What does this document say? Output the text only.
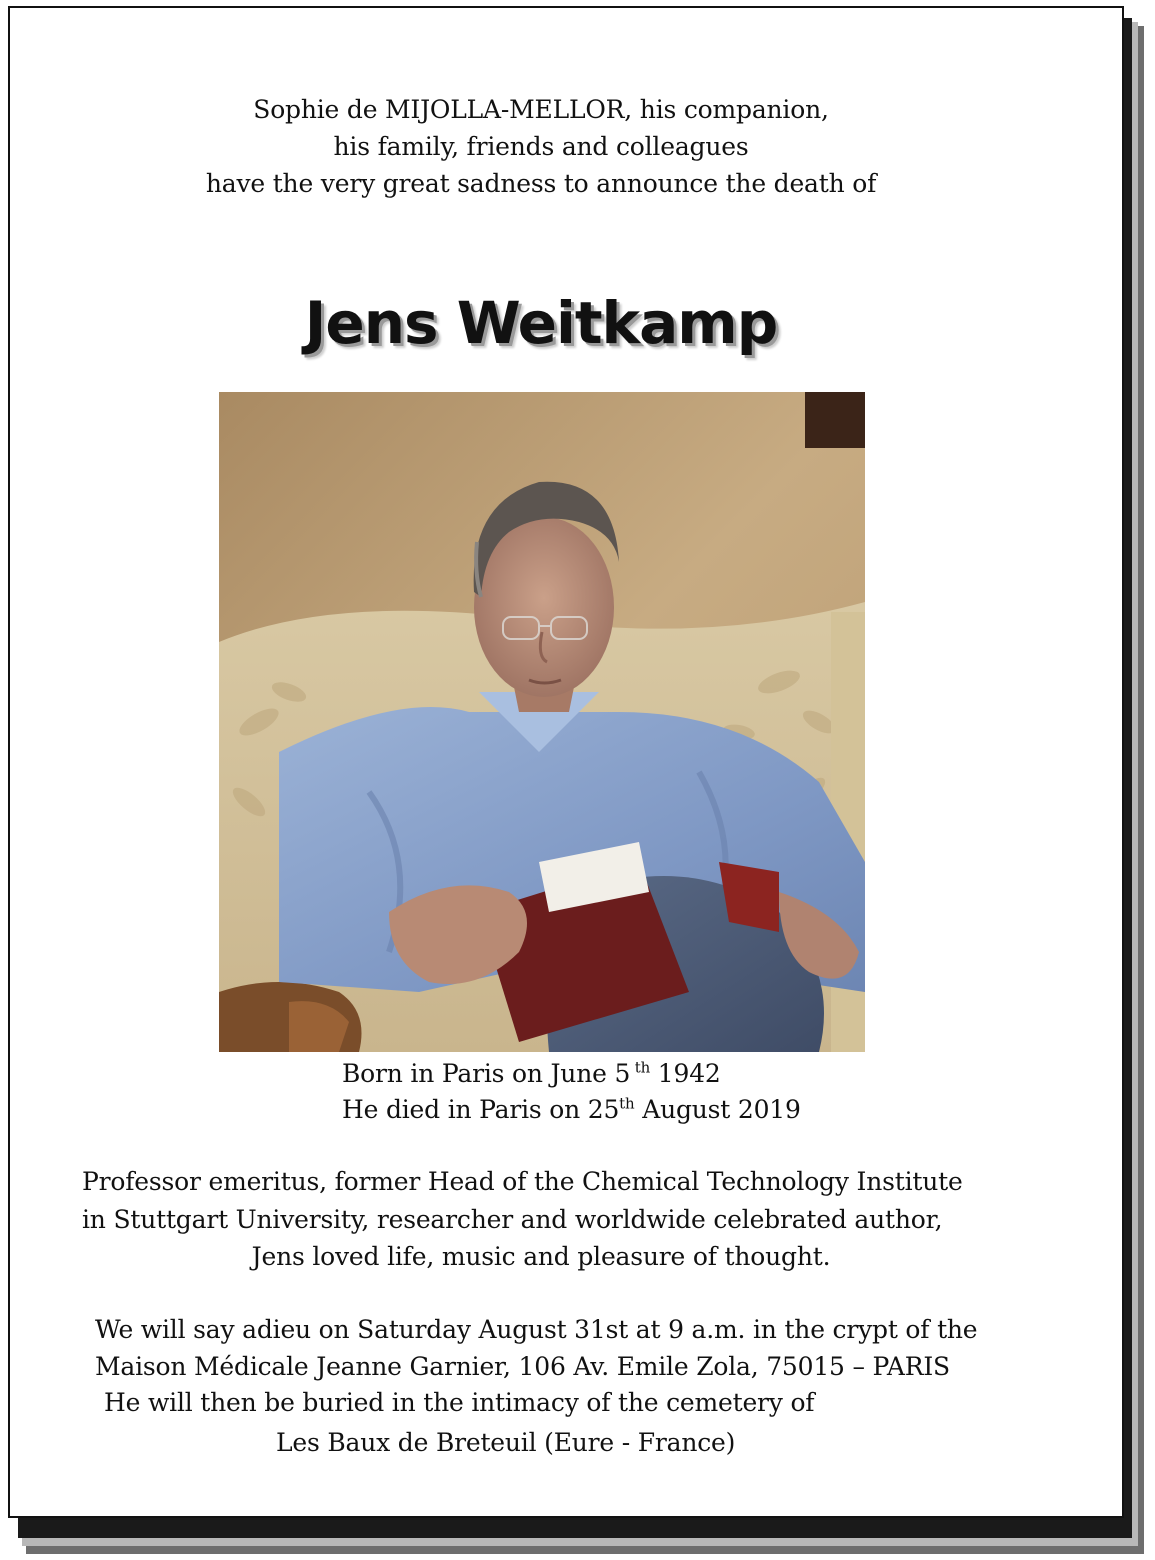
Sophie de MIJOLLA-MELLOR, his companion,
his family, friends and colleagues
have the very great sadness to announce the death of
Jens Weitkamp
Born in Paris on June 5 $^{th}$ 1942
He died in Paris on 25th August 2019
Professor emeritus, former Head of the Chemical Technology Institute
in Stuttgart University, researcher and worldwide celebrated author,
Jens loved life, music and pleasure of thought.
We will say adieu on Saturday August 31st at 9 a.m. in the crypt of the
Maison Médicale Jeanne Garnier, 106 Av. Emile Zola, 75015 – PARIS
He will then be buried in the intimacy of the cemetery of
Les Baux de Breteuil (Eure - France)
